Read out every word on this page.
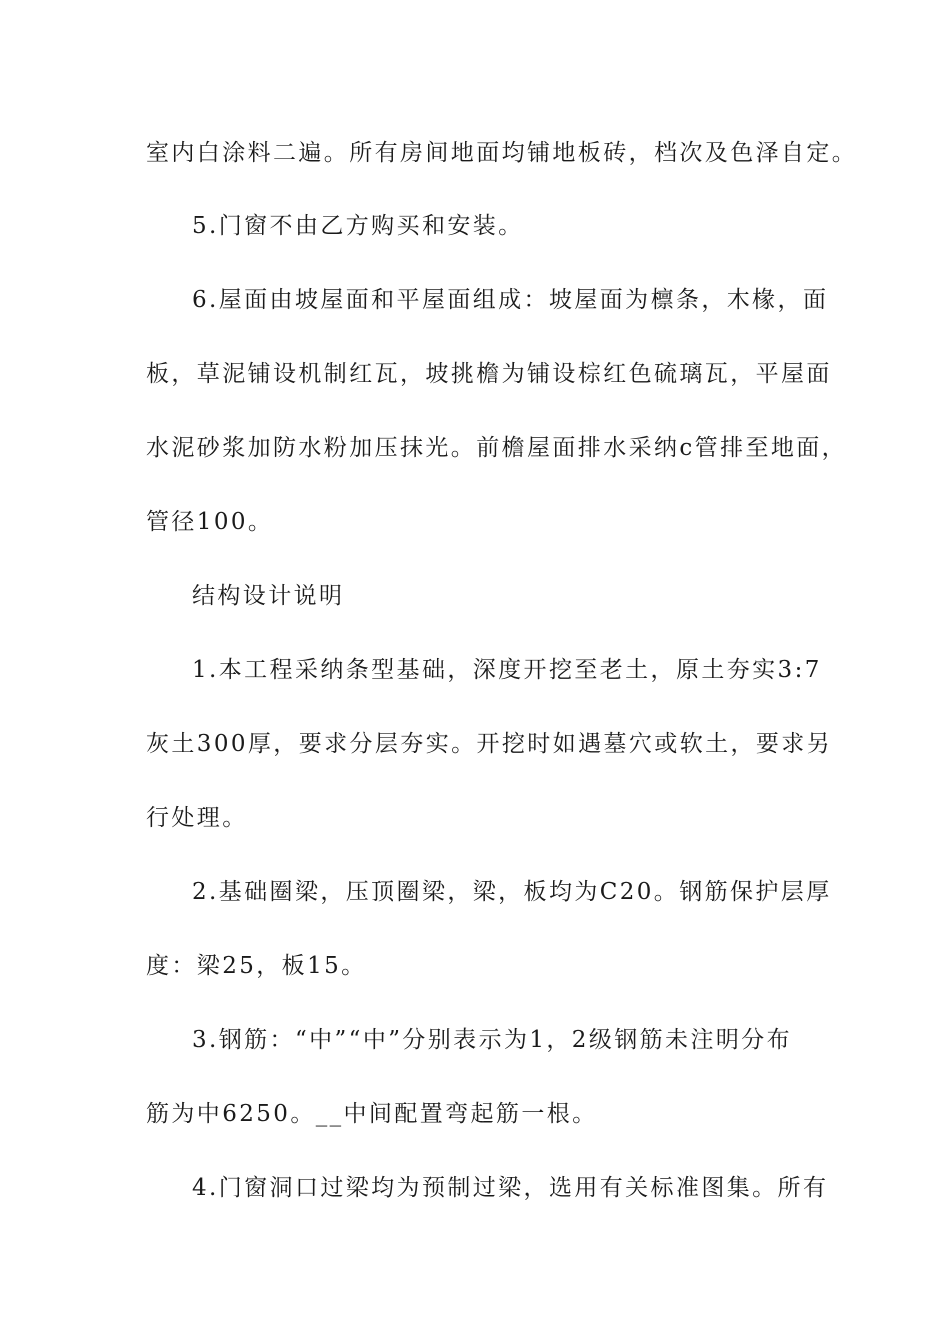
室内白涂料二遍。所有房间地面均铺地板砖，档次及色泽自定。
5.门窗不由乙方购买和安装。
6.屋面由坡屋面和平屋面组成：坡屋面为檩条，木椽，面
板，草泥铺设机制红瓦，坡挑檐为铺设棕红色硫璃瓦，平屋面
水泥砂浆加防水粉加压抹光。前檐屋面排水采纳c管排至地面，
管径100。
结构设计说明
1.本工程采纳条型基础，深度开挖至老土，原土夯实3:7
灰土300厚，要求分层夯实。开挖时如遇墓穴或软土，要求另
行处理。
2.基础圈梁，压顶圈梁，梁，板均为C20。钢筋保护层厚
度：梁25，板15。
3.钢筋：“中”“中”分别表示为1，2级钢筋未注明分布
筋为中6250。__中间配置弯起筋一根。
4.门窗洞口过梁均为预制过梁，选用有关标准图集。所有
